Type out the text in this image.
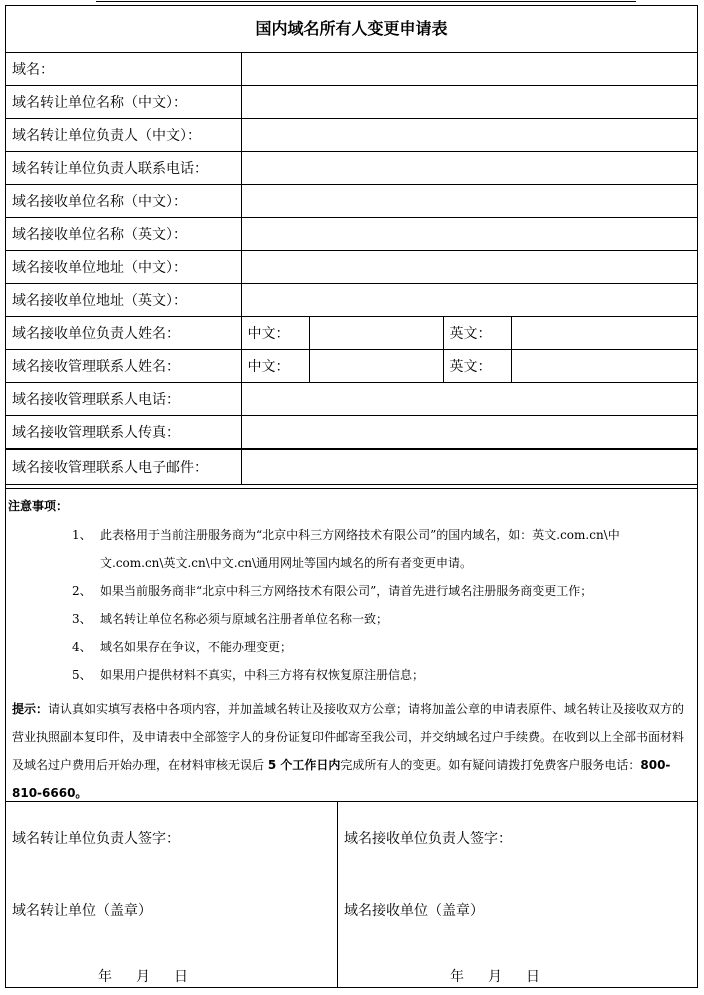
国内域名所有人变更申请表
域名：				
域名转让单位名称（中文）：				
域名转让单位负责人（中文）：				
域名转让单位负责人联系电话：				
域名接收单位名称（中文）：				
域名接收单位名称（英文）：				
域名接收单位地址（中文）：				
域名接收单位地址（英文）：				
域名接收单位负责人姓名：	中文：		英文：	
域名接收管理联系人姓名：	中文：		英文：	
域名接收管理联系人电话：				
域名接收管理联系人传真：				
域名接收管理联系人电子邮件：				
注意事项：
1、 此表格用于当前注册服务商为“北京中科三方网络技术有限公司”的国内域名，如：英文.com.cn\中文.com.cn\英文.cn\中文.cn\通用网址等国内域名的所有者变更申请。
2、 如果当前服务商非“北京中科三方网络技术有限公司”，请首先进行域名注册服务商变更工作；
3、 域名转让单位名称必须与原域名注册者单位名称一致；
4、 域名如果存在争议，不能办理变更；
5、 如果用户提供材料不真实，中科三方将有权恢复原注册信息；
提示：请认真如实填写表格中各项内容，并加盖域名转让及接收双方公章；请将加盖公章的申请表原件、域名转让及接收双方的营业执照副本复印件，及申请表中全部签字人的身份证复印件邮寄至我公司，并交纳域名过户手续费。在收到以上全部书面材料及域名过户费用后开始办理，在材料审核无误后 5 个工作日内完成所有人的变更。如有疑问请拨打免费客户服务电话：800-810-6660。
域名转让单位负责人签字：
域名转让单位（盖章）
年 月 日
域名接收单位负责人签字：
域名接收单位（盖章）
年 月 日
